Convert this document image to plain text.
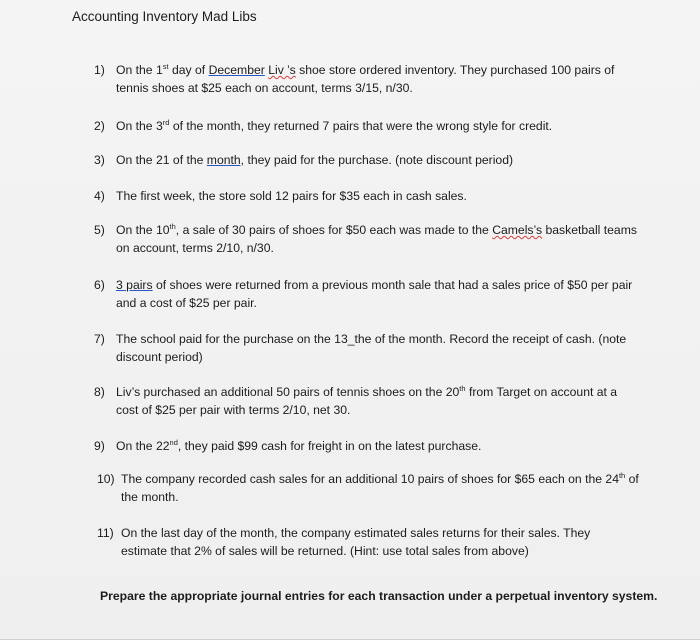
Accounting Inventory Mad Libs
1) On the 1st day of December Liv ’s shoe store ordered inventory. They purchased 100 pairs of
tennis shoes at $25 each on account, terms 3/15, n/30.
2) On the 3rd of the month, they returned 7 pairs that were the wrong style for credit.
3) On the 21 of the month, they paid for the purchase. (note discount period)
4) The first week, the store sold 12 pairs for $35 each in cash sales.
5) On the 10th, a sale of 30 pairs of shoes for $50 each was made to the Camels’s basketball teams
on account, terms 2/10, n/30.
6) 3 pairs of shoes were returned from a previous month sale that had a sales price of $50 per pair
and a cost of $25 per pair.
7) The school paid for the purchase on the 13_the of the month. Record the receipt of cash. (note
discount period)
8) Liv’s purchased an additional 50 pairs of tennis shoes on the 20th from Target on account at a
cost of $25 per pair with terms 2/10, net 30.
9) On the 22nd, they paid $99 cash for freight in on the latest purchase.
10) The company recorded cash sales for an additional 10 pairs of shoes for $65 each on the 24th of
the month.
11) On the last day of the month, the company estimated sales returns for their sales. They
estimate that 2% of sales will be returned. (Hint: use total sales from above)
Prepare the appropriate journal entries for each transaction under a perpetual inventory system.
